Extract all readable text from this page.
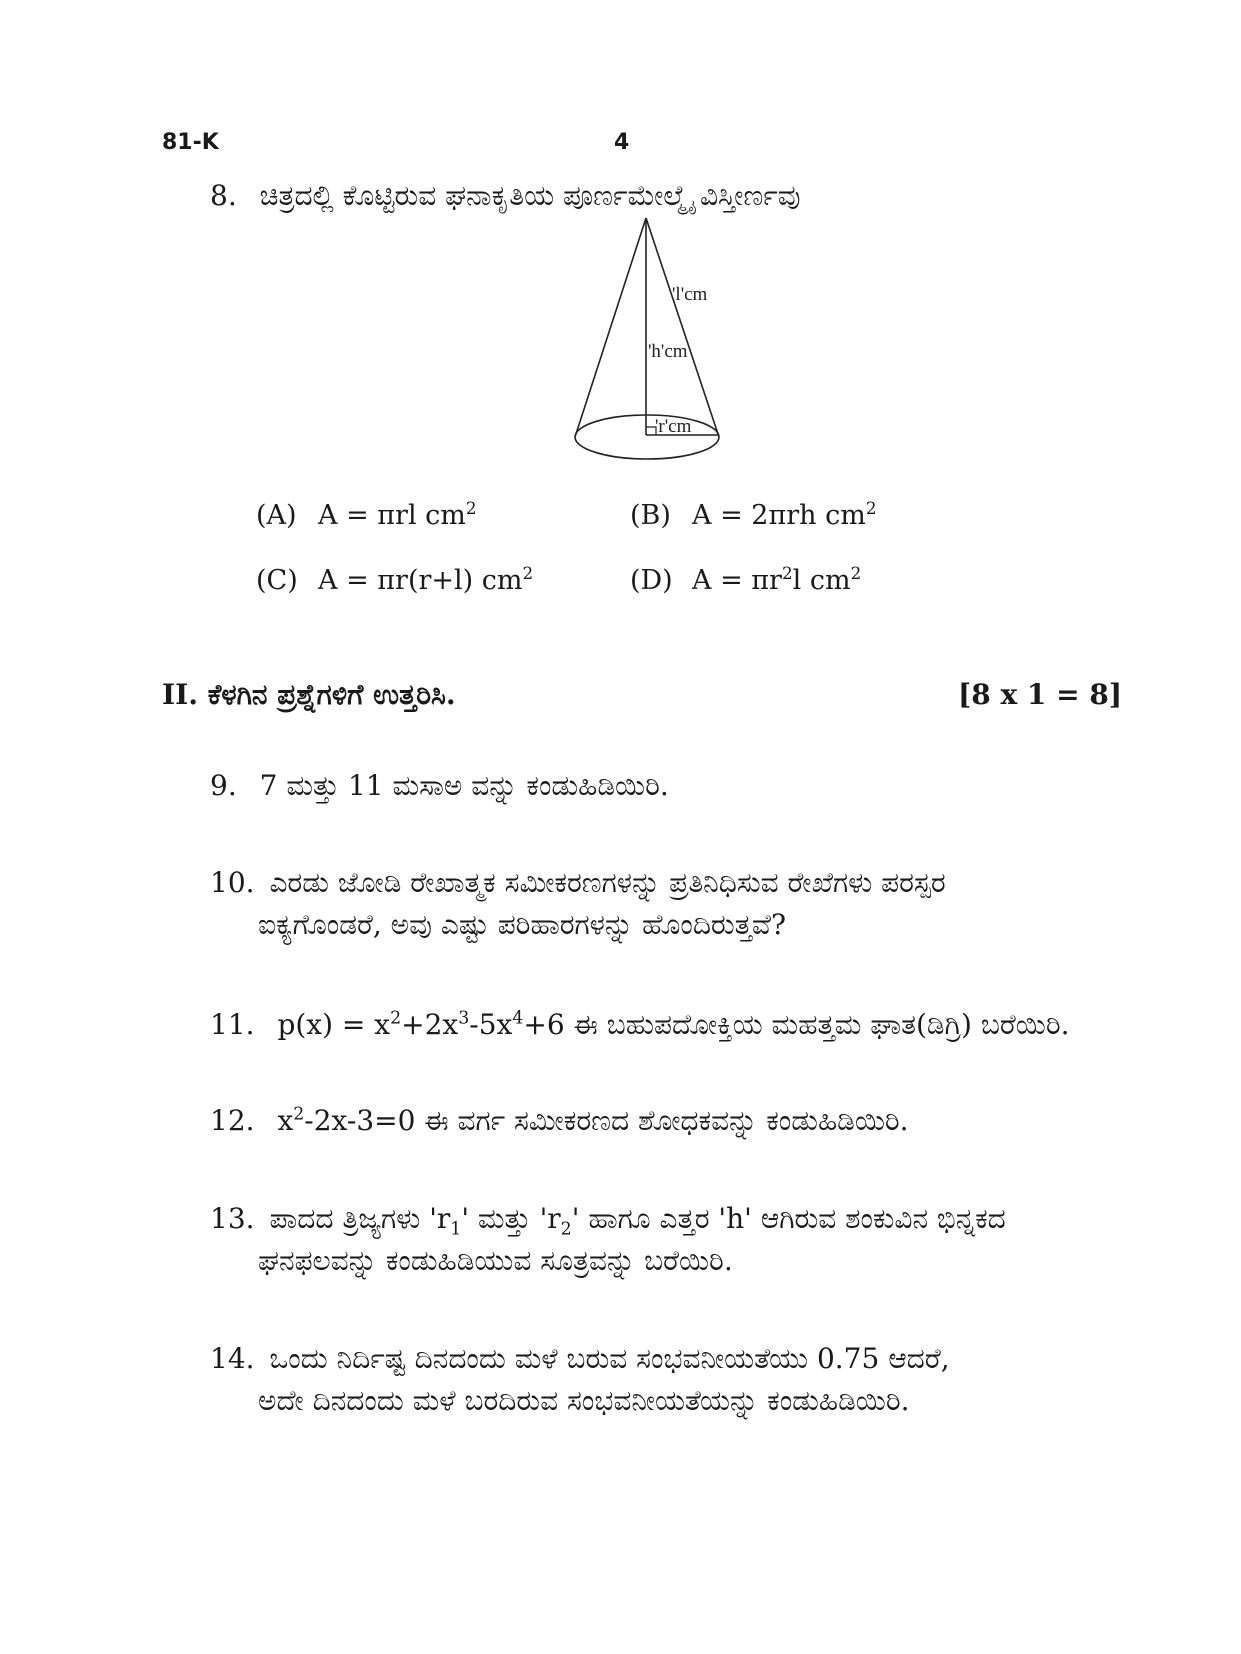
81-K	4
8. ಚಿತ್ರದಲ್ಲಿ ಕೊಟ್ಟಿರುವ ಘನಾಕೃತಿಯ ಪೂರ್ಣಮೇಲ್ಮೈ ವಿಸ್ತೀರ್ಣವು
'l'cm
'h'cm
'r'cm
(A) A = πrl $cm^2$	(B) A = 2πrh $cm^2$
(C) A = πr(r+l) $cm^2$	(D) $A = \pi r^2l$ $cm^2$
II. ಕೆಳಗಿನ ಪ್ರಶ್ನೆಗಳಿಗೆ ಉತ್ತರಿಸಿ.	[8 x 1 = 8]
9. 7 ಮತ್ತು 11 ಮಸಾಅ ವನ್ನು ಕಂಡುಹಿಡಿಯಿರಿ.
10. ಎರಡು ಜೋಡಿ ರೇಖಾತ್ಮಕ ಸಮೀಕರಣಗಳನ್ನು ಪ್ರತಿನಿಧಿಸುವ ರೇಖೆಗಳು ಪರಸ್ಪರ
ಐಕ್ಯಗೊಂಡರೆ, ಅವು ಎಷ್ಟು ಪರಿಹಾರಗಳನ್ನು ಹೊಂದಿರುತ್ತವೆ?
11. $p(x) = x^2+2x^3-5x^4+6$ ಈ ಬಹುಪದೋಕ್ತಿಯ ಮಹತ್ತಮ ಘಾತ(ಡಿಗ್ರಿ) ಬರೆಯಿರಿ.
12. $x^2-2x-3=0$ ಈ ವರ್ಗ ಸಮೀಕರಣದ ಶೋಧಕವನ್ನು ಕಂಡುಹಿಡಿಯಿರಿ.
13. ಪಾದದ ತ್ರಿಜ್ಯಗಳು '$r_1$' ಮತ್ತು '$r_2$' ಹಾಗೂ ಎತ್ತರ 'h' ಆಗಿರುವ ಶಂಕುವಿನ ಭಿನ್ನಕದ
ಘನಫಲವನ್ನು ಕಂಡುಹಿಡಿಯುವ ಸೂತ್ರವನ್ನು ಬರೆಯಿರಿ.
14. ಒಂದು ನಿರ್ದಿಷ್ಟ ದಿನದಂದು ಮಳೆ ಬರುವ ಸಂಭವನೀಯತೆಯು 0.75 ಆದರೆ,
ಅದೇ ದಿನದಂದು ಮಳೆ ಬರದಿರುವ ಸಂಭವನೀಯತೆಯನ್ನು ಕಂಡುಹಿಡಿಯಿರಿ.
